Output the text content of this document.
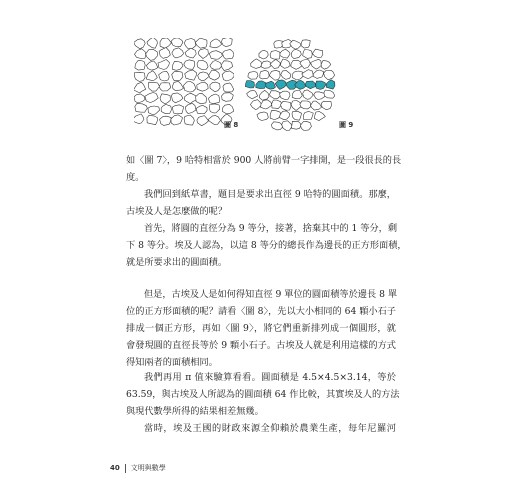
圖 8	圖 9
如〈圖 7〉，9 哈特相當於 900 人將前臂一字排開，是一段很長的長
度。
我們回到紙草書，題目是要求出直徑 9 哈特的圓面積。那麼，
古埃及人是怎麼做的呢？
首先，將圓的直徑分為 9 等分，接著，捨棄其中的 1 等分，剩
下 8 等分。埃及人認為，以這 8 等分的總長作為邊長的正方形面積，
就是所要求出的圓面積。
但是，古埃及人是如何得知直徑 9 單位的圓面積等於邊長 8 單
位的正方形面積的呢？請看〈圖 8〉，先以大小相同的 64 顆小石子
排成一個正方形，再如〈圖 9〉，將它們重新排列成一個圓形，就
會發現圓的直徑長等於 9 顆小石子。古埃及人就是利用這樣的方式
得知兩者的面積相同。
我們再用 π 值來驗算看看。圓面積是 4.5×4.5×3.14，等於
63.59，與古埃及人所認為的圓面積 64 作比較，其實埃及人的方法
與現代數學所得的結果相差無幾。
當時，埃及王國的財政來源全仰賴於農業生產，每年尼羅河
40 文明與數學
